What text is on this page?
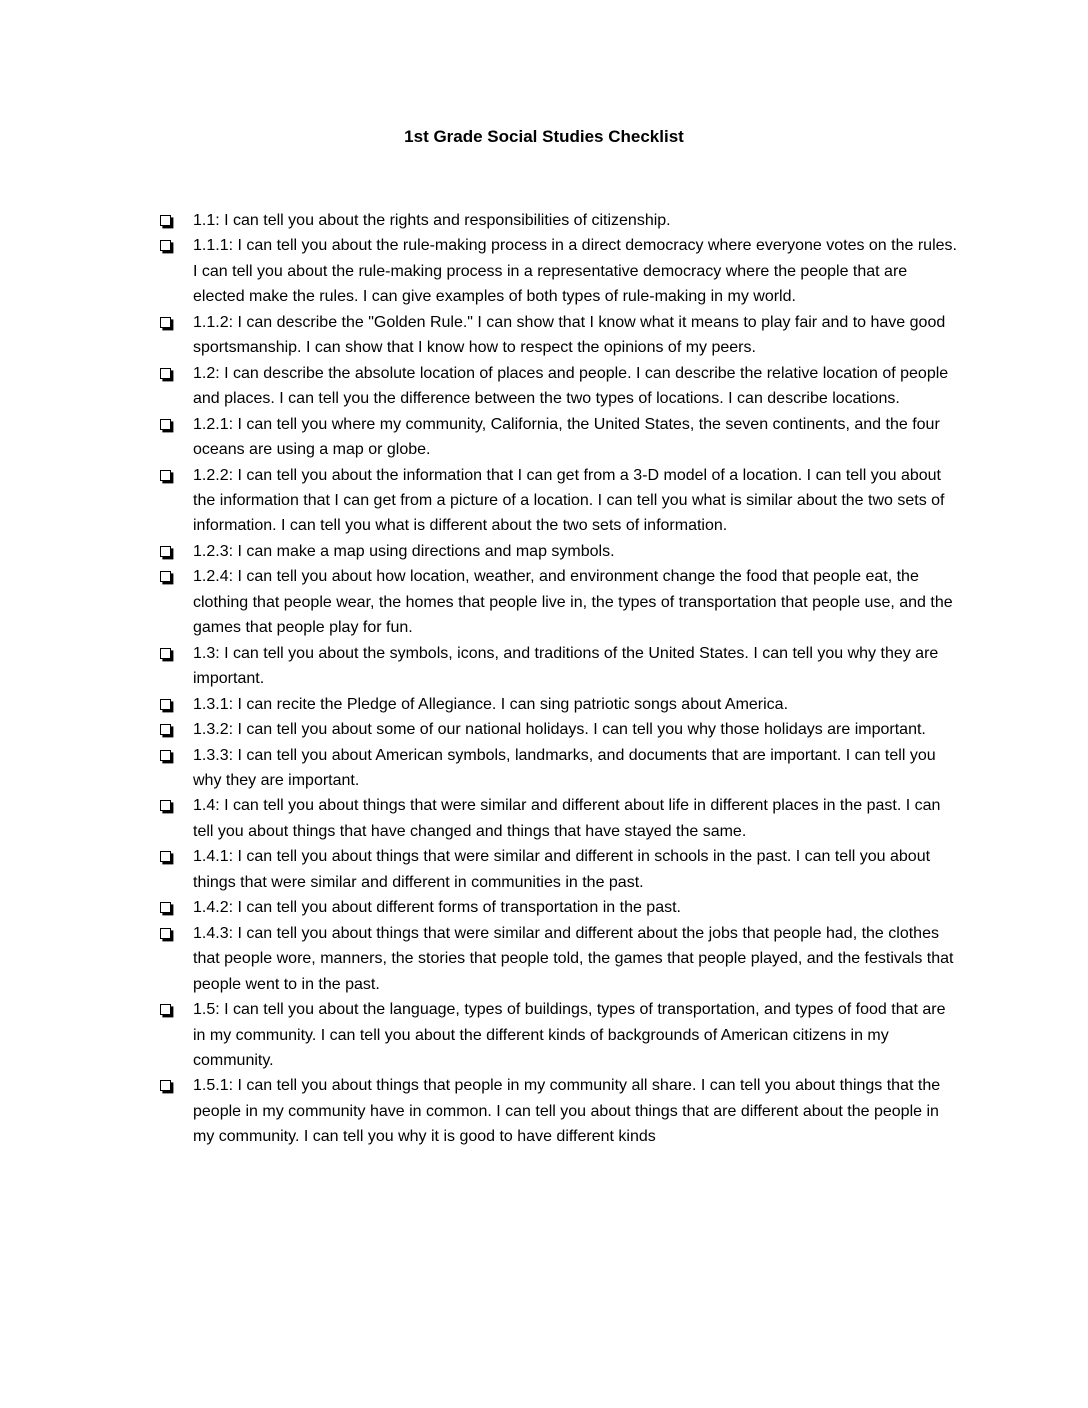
1st Grade Social Studies Checklist
1.1: I can tell you about the rights and responsibilities of citizenship.
1.1.1: I can tell you about the rule-making process in a direct democracy where everyone votes on the rules. I can tell you about the rule-making process in a representative democracy where the people that are elected make the rules. I can give examples of both types of rule-making in my world.
1.1.2: I can describe the "Golden Rule." I can show that I know what it means to play fair and to have good sportsmanship. I can show that I know how to respect the opinions of my peers.
1.2: I can describe the absolute location of places and people. I can describe the relative location of people and places. I can tell you the difference between the two types of locations. I can describe locations.
1.2.1: I can tell you where my community, California, the United States, the seven continents, and the four oceans are using a map or globe.
1.2.2: I can tell you about the information that I can get from a 3-D model of a location. I can tell you about the information that I can get from a picture of a location. I can tell you what is similar about the two sets of information. I can tell you what is different about the two sets of information.
1.2.3: I can make a map using directions and map symbols.
1.2.4: I can tell you about how location, weather, and environment change the food that people eat, the clothing that people wear, the homes that people live in, the types of transportation that people use, and the games that people play for fun.
1.3: I can tell you about the symbols, icons, and traditions of the United States. I can tell you why they are important.
1.3.1: I can recite the Pledge of Allegiance. I can sing patriotic songs about America.
1.3.2: I can tell you about some of our national holidays. I can tell you why those holidays are important.
1.3.3: I can tell you about American symbols, landmarks, and documents that are important. I can tell you why they are important.
1.4: I can tell you about things that were similar and different about life in different places in the past. I can tell you about things that have changed and things that have stayed the same.
1.4.1: I can tell you about things that were similar and different in schools in the past. I can tell you about things that were similar and different in communities in the past.
1.4.2: I can tell you about different forms of transportation in the past.
1.4.3: I can tell you about things that were similar and different about the jobs that people had, the clothes that people wore, manners, the stories that people told, the games that people played, and the festivals that people went to in the past.
1.5: I can tell you about the language, types of buildings, types of transportation, and types of food that are in my community. I can tell you about the different kinds of backgrounds of American citizens in my community.
1.5.1: I can tell you about things that people in my community all share. I can tell you about things that the people in my community have in common. I can tell you about things that are different about the people in my community. I can tell you why it is good to have different kinds
